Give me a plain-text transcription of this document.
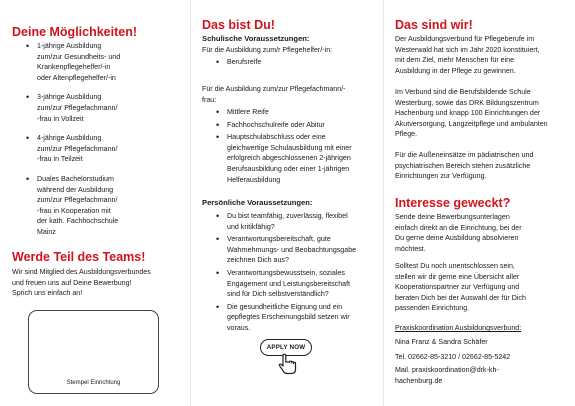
Deine Möglichkeiten!
• 1-jährige Ausbildung
zum/zur Gesundheits- und
Krankenpflegehelfer/-in
oder Altenpflegehelfer/-in
• 3-jährige Ausbildung
zum/zur Pflegefachmann/
-frau in Vollzeit
• 4-jährige Ausbildung
zum/zur Pflegefachmann/
-frau in Teilzeit
• Duales Bachelorstudium
während der Ausbildung
zum/zur Pflegefachmann/
-frau in Kooperation mit
der kath. Fachhochschule
Mainz
Werde Teil des Teams!
Wir sind Mitglied des Ausbildungsverbundes
und freuen uns auf Deine Bewerbung!
Sprich uns einfach an!
Stempel Einrichtung
Das bist Du!
Schulische Voraussetzungen:
Für die Ausbildung zum/r Pflegehelfer/-in:
• Berufsreife
Für die Ausbildung zum/zur Pflegefachmann/-
frau:
• Mittlere Reife
• Fachhochschulreife oder Abitur
• Hauptschulabschluss oder eine
gleichwertige Schulausbildung mit einer
erfolgreich abgeschlossenen 2-jährigen
Berufsausbildung oder einer 1-jährigen
Helferausbildung
Persönliche Voraussetzungen:
• Du bist teamfähig, zuverlässig, flexibel
und kritikfähig?
• Verantwortungsbereitschaft, gute
Wahrnehmungs- und Beobachtungsgabe
zeichnen Dich aus?
• Verantwortungsbewusstsein, soziales
Engagement und Leistungsbereitschaft
sind für Dich selbstverständlich?
• Die gesundheitliche Eignung und ein
gepflegtes Erscheinungsbild setzen wir
voraus.
APPLY NOW
Das sind wir!
Der Ausbildungsverbund für Pflegeberufe im
Westerwald hat sich im Jahr 2020 konstituiert,
mit dem Ziel, mehr Menschen für eine
Ausbildung in der Pflege zu gewinnen.
Im Verbund sind die Berufsbildende Schule
Westerburg, sowie das DRK Bildungszentrum
Hachenburg und knapp 100 Einrichtungen der
Akutversorgung, Langzeitpflege und ambulanten
Pflege.
Für die Außeneinsätze im pädiatrischen und
psychiatrischen Bereich stehen zusätzliche
Einrichtungen zur Verfügung.
Interesse geweckt?
Sende deine Bewerbungsunterlagen
einfach direkt an die Einrichtung, bei der
Du gerne deine Ausbildung absolvieren
möchtest.
Solltest Du noch unentschlossen sein,
stellen wir dir gerne eine Übersicht aller
Kooperationspartner zur Verfügung und
beraten Dich bei der Auswahl der für Dich
passenden Einrichtung.
Praxiskoordination Ausbildungsverbund:
Nina Franz & Sandra Schäfer
Tel. 02662-85-3210 / 02662-85-5242
Mail. praxiskoordination@drk-kh-
hachenburg.de
